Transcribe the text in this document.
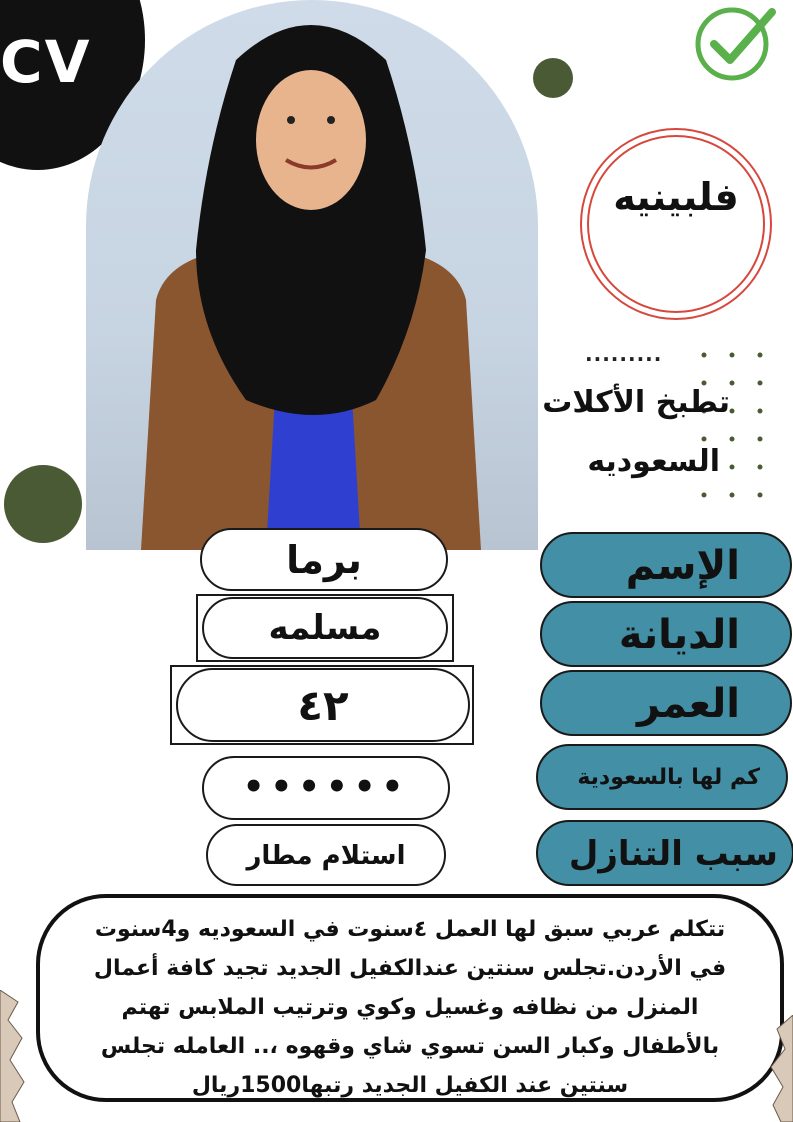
CV
فلبينيه
.........
تطبخ الأكلات
السعوديه
الإسم
الديانة
العمر
كم لها بالسعودية
سبب التنازل
برما
مسلمه
٤٢
••••••
استلام مطار
تتكلم عربي سبق لها العمل ٤سنوت في السعوديه و4سنوت في الأردن.تجلس سنتين عندالكفيل الجديد تجيد كافة أعمال المنزل من نظافه وغسيل وكوي وترتيب الملابس تهتم بالأطفال وكبار السن تسوي شاي وقهوه ،.. العامله تجلس سنتين عند الكفيل الجديد رتبها1500ريال
